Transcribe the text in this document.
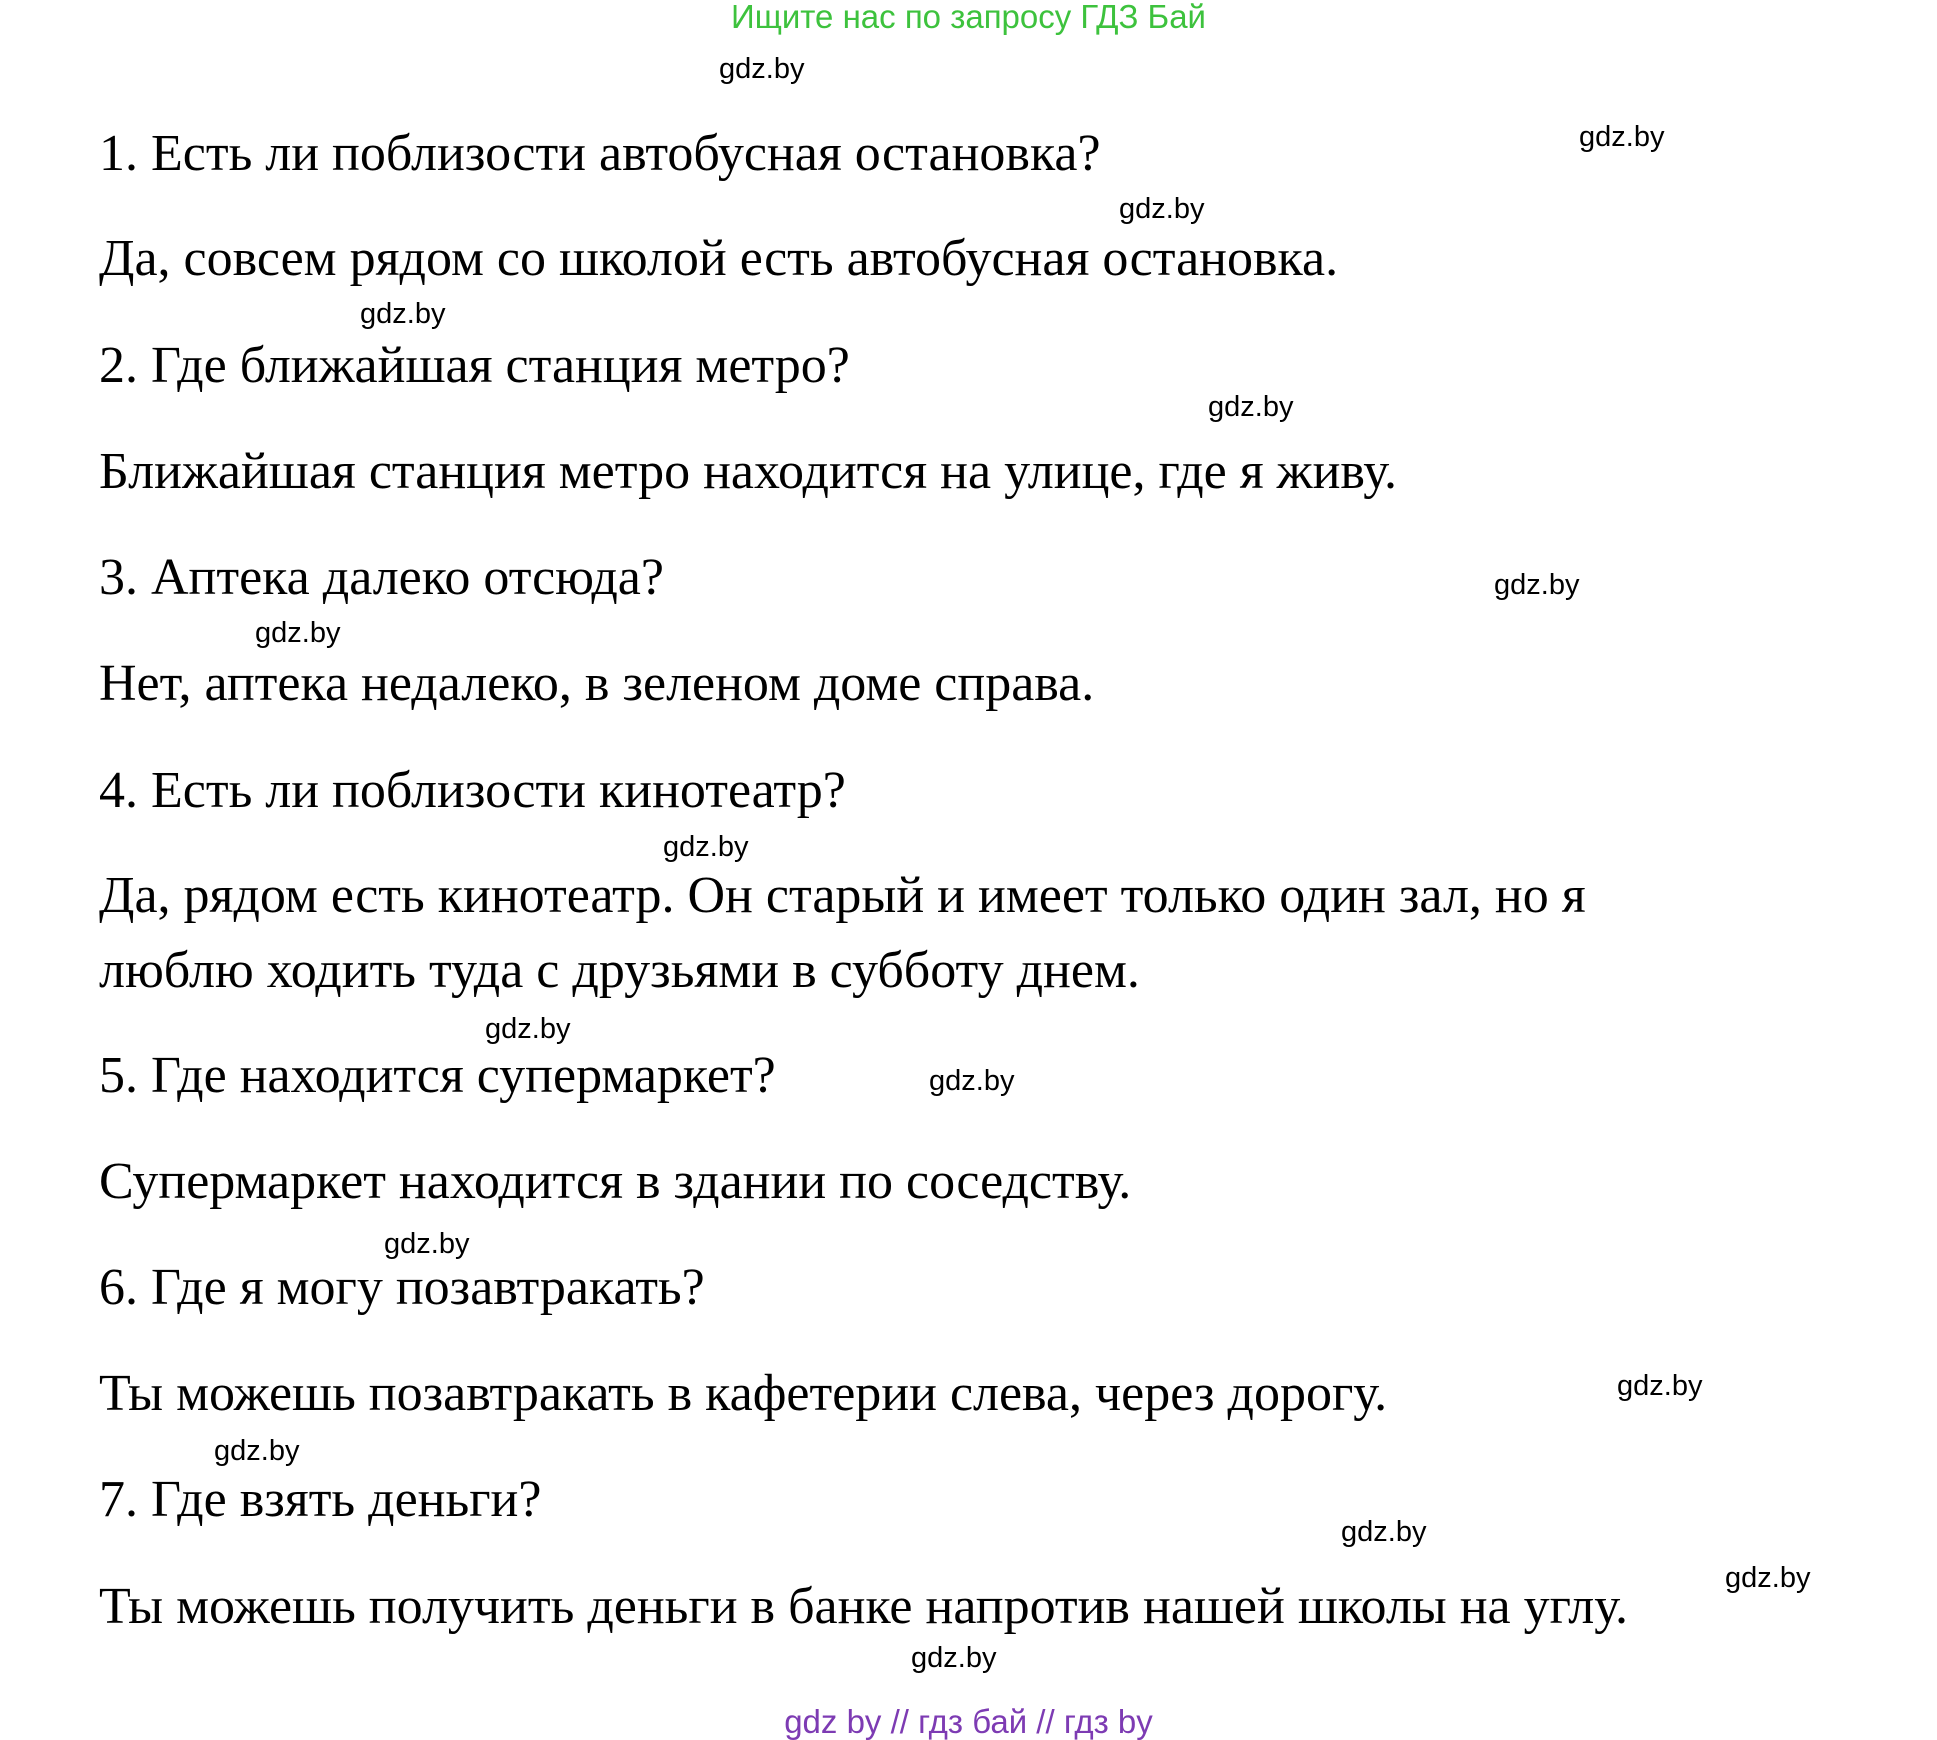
Ищите нас по запросу ГДЗ Бай
gdz.by
gdz.by
gdz.by
gdz.by
gdz.by
gdz.by
gdz.by
gdz.by
gdz.by
gdz.by
gdz.by
gdz.by
gdz.by
gdz.by
gdz.by
gdz.by
1. Есть ли поблизости автобусная остановка?
Да, совсем рядом со школой есть автобусная остановка.
2. Где ближайшая станция метро?
Ближайшая станция метро находится на улице, где я живу.
3. Аптека далеко отсюда?
Нет, аптека недалеко, в зеленом доме справа.
4. Есть ли поблизости кинотеатр?
Да, рядом есть кинотеатр. Он старый и имеет только один зал, но я
люблю ходить туда с друзьями в субботу днем.
5. Где находится супермаркет?
Супермаркет находится в здании по соседству.
6. Где я могу позавтракать?
Ты можешь позавтракать в кафетерии слева, через дорогу.
7. Где взять деньги?
Ты можешь получить деньги в банке напротив нашей школы на углу.
gdz by // гдз бай // гдз by
